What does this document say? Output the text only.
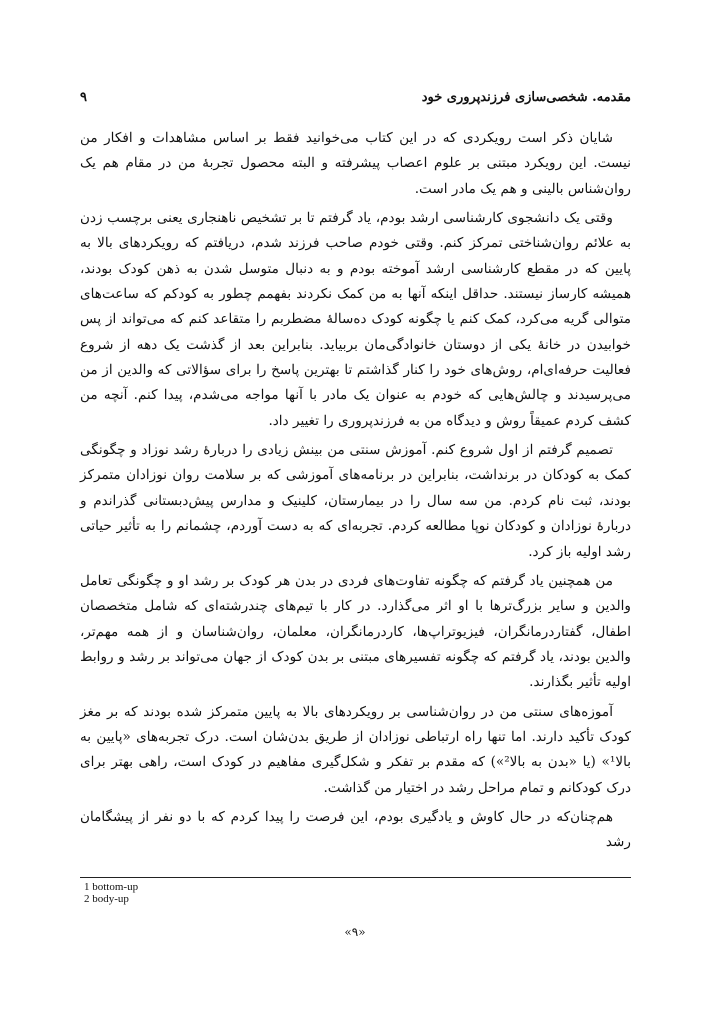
مقدمه. شخصی‌سازی فرزندپروری خود
۹

شایان ذکر است رویکردی که در این کتاب می‌خوانید فقط بر اساس مشاهدات و افکار من نیست. این رویکرد مبتنی بر علوم اعصاب پیشرفته و البته محصول تجربهٔ من در مقام هم یک روان‌شناس بالینی و هم یک مادر است.

وقتی یک دانشجوی کارشناسی ارشد بودم، یاد گرفتم تا بر تشخیص ناهنجاری یعنی برچسب زدن به علائم روان‌شناختی تمرکز کنم. وقتی خودم صاحب فرزند شدم، دریافتم که رویکردهای بالا به پایین که در مقطع کارشناسی ارشد آموخته بودم و به دنبال متوسل شدن به ذهن کودک بودند، همیشه کارساز نیستند. حداقل اینکه آنها به من کمک نکردند بفهمم چطور به کودکم که ساعت‌های متوالی گریه می‌کرد، کمک کنم یا چگونه کودک ده‌سالهٔ مضطربم را متقاعد کنم که می‌تواند از پس خوابیدن در خانهٔ یکی از دوستان خانوادگی‌مان بربیاید. بنابراین بعد از گذشت یک دهه از شروع فعالیت حرفه‌ای‌ام، روش‌های خود را کنار گذاشتم تا بهترین پاسخ را برای سؤالاتی که والدین از من می‌پرسیدند و چالش‌هایی که خودم به عنوان یک مادر با آنها مواجه می‌شدم، پیدا کنم. آنچه من کشف کردم عمیقاً روش و دیدگاه من به فرزندپروری را تغییر داد.

تصمیم گرفتم از اول شروع کنم. آموزش سنتی من بینش زیادی را دربارهٔ رشد نوزاد و چگونگی کمک به کودکان در برنداشت، بنابراین در برنامه‌های آموزشی که بر سلامت روان نوزادان متمرکز بودند، ثبت نام کردم. من سه سال را در بیمارستان، کلینیک و مدارس پیش‌دبستانی گذراندم و دربارهٔ نوزادان و کودکان نوپا مطالعه کردم. تجربه‌ای که به دست آوردم، چشمانم را به تأثیر حیاتی رشد اولیه باز کرد.

من همچنین یاد گرفتم که چگونه تفاوت‌های فردی در بدن هر کودک بر رشد او و چگونگی تعامل والدین و سایر بزرگ‌ترها با او اثر می‌گذارد. در کار با تیم‌های چندرشته‌ای که شامل متخصصان اطفال، گفتاردرمانگران، فیزیوتراپ‌ها، کاردرمانگران، معلمان، روان‌شناسان و از همه مهم‌تر، والدین بودند، یاد گرفتم که چگونه تفسیرهای مبتنی بر بدن کودک از جهان می‌تواند بر رشد و روابط اولیه تأثیر بگذارند.

آموزه‌های سنتی من در روان‌شناسی بر رویکردهای بالا به پایین متمرکز شده بودند که بر مغز کودک تأکید دارند. اما تنها راه ارتباطی نوزادان از طریق بدن‌شان است. درک تجربه‌های «پایین به بالا¹» (یا «بدن به بالا²») که مقدم بر تفکر و شکل‌گیری مفاهیم در کودک است، راهی بهتر برای درک کودکانم و تمام مراحل رشد در اختیار من گذاشت.

هم‌چنان‌که در حال کاوش و یادگیری بودم، این فرصت را پیدا کردم که با دو نفر از پیشگامان رشد

1 bottom-up
2 body-up
«۹»
